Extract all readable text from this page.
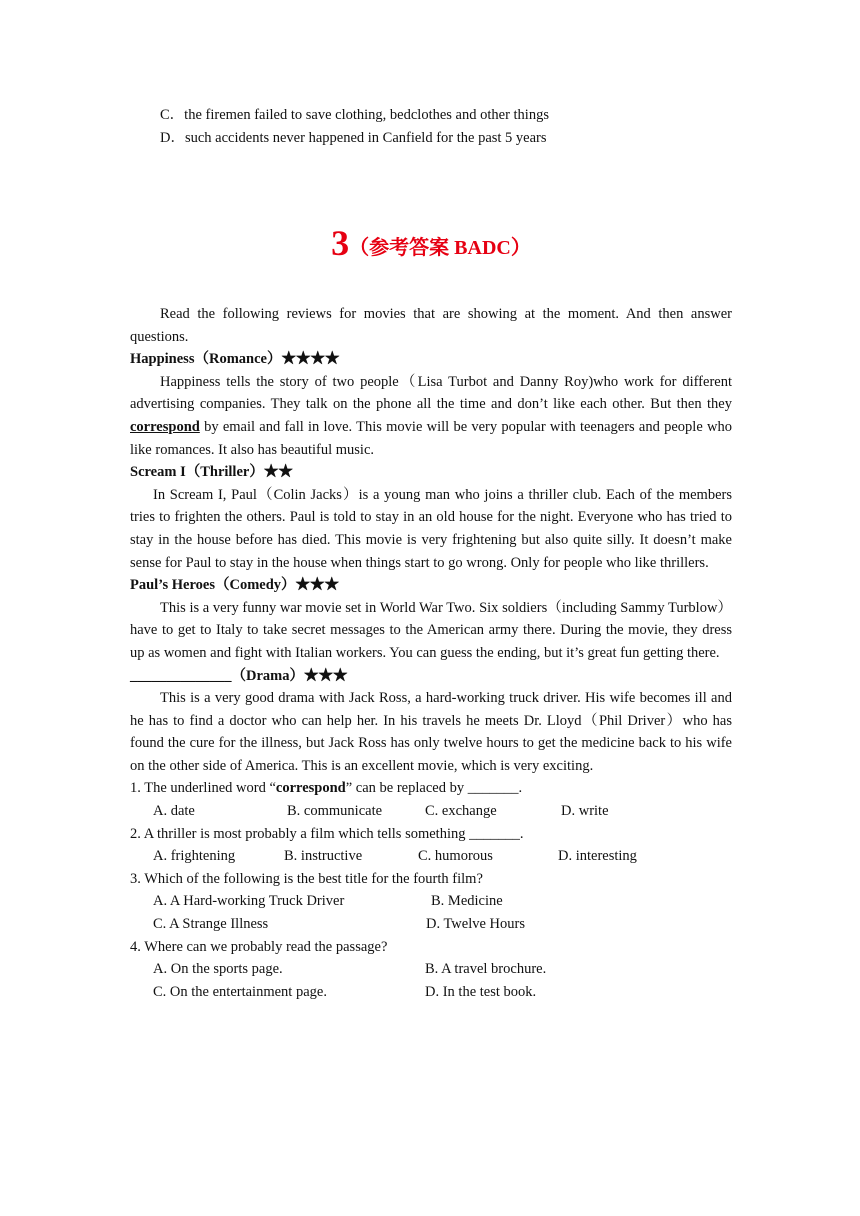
C．the firemen failed to save clothing, bedclothes and other things
D．such accidents never happened in Canfield for the past 5 years
3（参考答案 BADC）

Read the following reviews for movies that are showing at the moment. And then answer questions.

Happiness（Romance）★★★★

Happiness tells the story of two people（Lisa Turbot and Danny Roy)who work for different advertising companies. They talk on the phone all the time and don’t like each other. But then they correspond by email and fall in love. This movie will be very popular with teenagers and people who like romances. It also has beautiful music.

Scream I（Thriller）★★

In Scream I, Paul（Colin Jacks）is a young man who joins a thriller club. Each of the members tries to frighten the others. Paul is told to stay in an old house for the night. Everyone who has tried to stay in the house before has died. This movie is very frightening but also quite silly. It doesn’t make sense for Paul to stay in the house when things start to go wrong. Only for people who like thrillers.

Paul’s Heroes（Comedy）★★★

This is a very funny war movie set in World War Two. Six soldiers（including Sammy Turblow）have to get to Italy to take secret messages to the American army there. During the movie, they dress up as women and fight with Italian workers. You can guess the ending, but it’s great fun getting there.

______________（Drama）★★★

This is a very good drama with Jack Ross, a hard-working truck driver. His wife becomes ill and he has to find a doctor who can help her. In his travels he meets Dr. Lloyd（Phil Driver）who has found the cure for the illness, but Jack Ross has only twelve hours to get the medicine back to his wife on the other side of America. This is an excellent movie, which is very exciting.

1. The underlined word “correspond” can be replaced by _______.
A. date	B. communicate	C. exchange	D. write
2. A thriller is most probably a film which tells something _______.
A. frightening	B. instructive	C. humorous	D. interesting
3. Which of the following is the best title for the fourth film?
A. A Hard-working Truck Driver	B. Medicine
C. A Strange Illness	D. Twelve Hours
4. Where can we probably read the passage?
A. On the sports page.	B. A travel brochure.
C. On the entertainment page.	D. In the test book.
